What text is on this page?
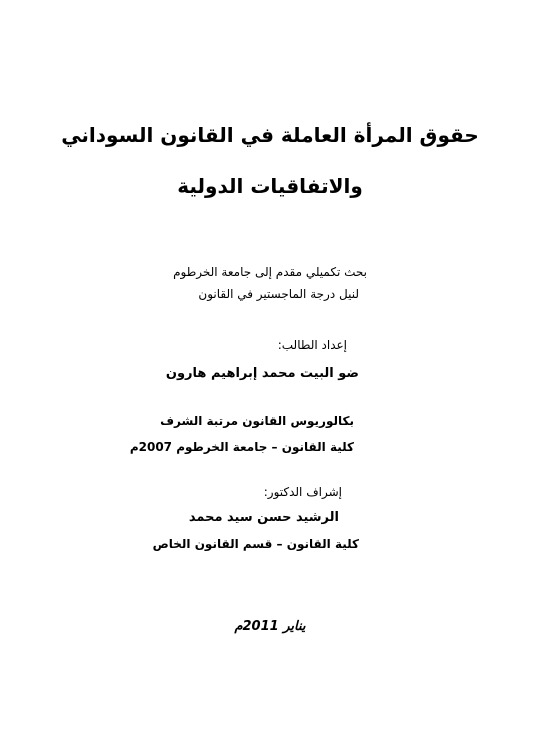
حقوق المرأة العاملة في القانون السوداني
والاتفاقيات الدولية
بحث تكميلي مقدم إلى جامعة الخرطوم
لنيل درجة الماجستير في القانون
إعداد الطالب:
ضو البيت محمد إبراهيم هارون
بكالوريوس القانون مرتبة الشرف
كلية القانون – جامعة الخرطوم 2007م
إشراف الدكتور:
الرشيد حسن سيد محمد
كلية القانون – قسم القانون الخاص
يناير 2011م
